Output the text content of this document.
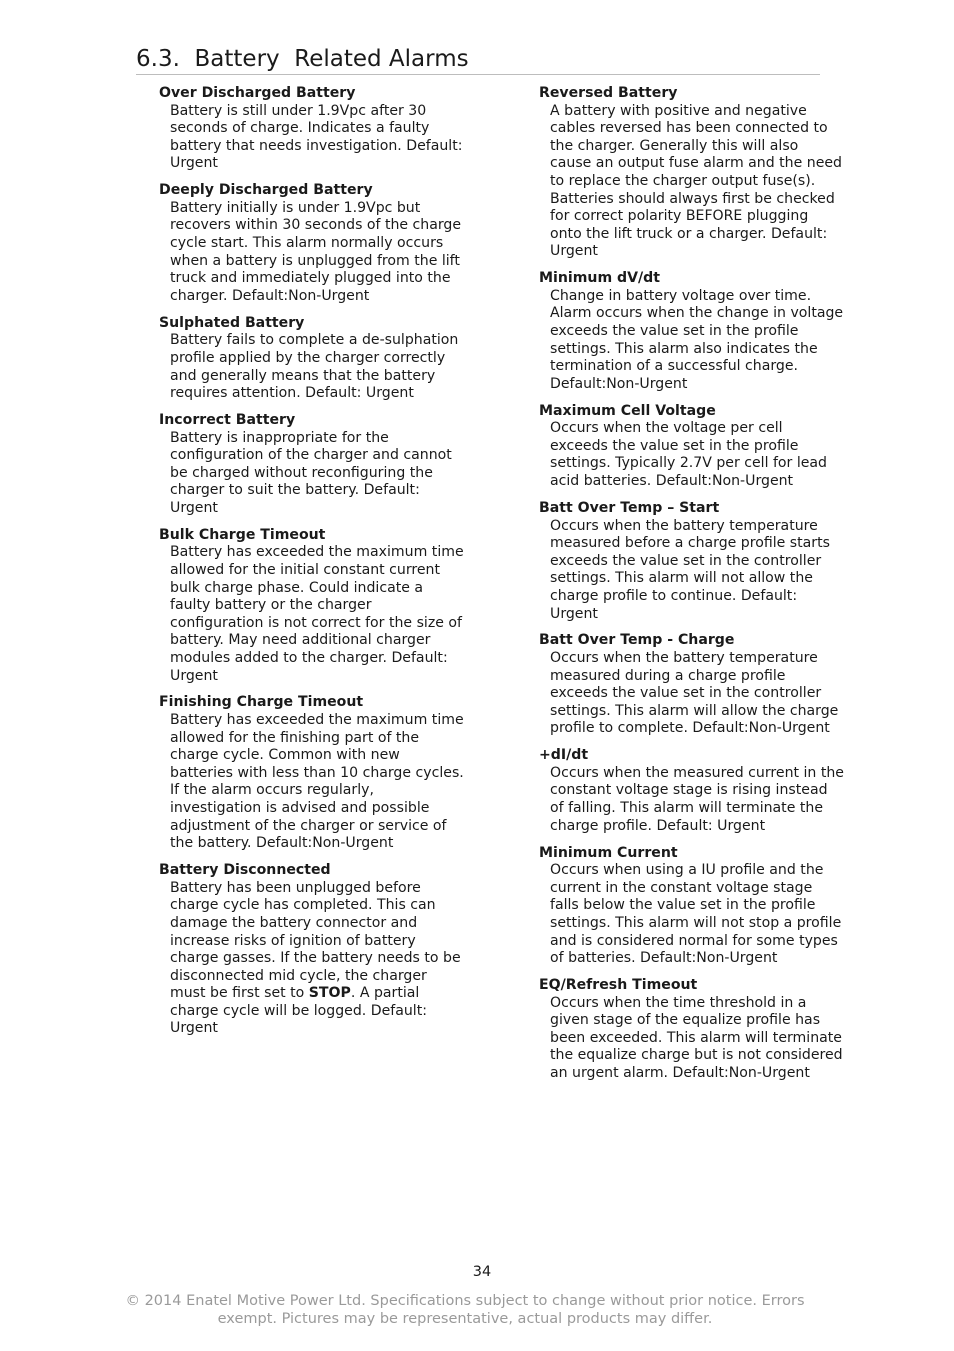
6.3. Battery  Related Alarms
Over Discharged Battery
Battery is still under 1.9Vpc after 30 seconds of charge. Indicates a faulty battery that needs investigation. Default: Urgent
Deeply Discharged Battery
Battery initially is under 1.9Vpc but recovers within 30 seconds of the charge cycle start. This alarm normally occurs when a battery is unplugged from the lift truck and immediately plugged into the charger. Default:Non-Urgent
Sulphated Battery
Battery fails to complete a de-sulphation profile applied by the charger correctly and generally means that the battery requires attention. Default: Urgent
Incorrect Battery
Battery is inappropriate for the configuration of the charger and cannot be charged without reconfiguring the charger to suit the battery. Default: Urgent
Bulk Charge Timeout
Battery has exceeded the maximum time allowed for the initial constant current bulk charge phase. Could indicate a faulty battery or the charger configuration is not correct for the size of battery. May need additional charger modules added to the charger. Default: Urgent
Finishing Charge Timeout
Battery has exceeded the maximum time allowed for the finishing part of the charge cycle. Common with new batteries with less than 10 charge cycles. If the alarm occurs regularly, investigation is advised and possible adjustment of the charger or service of the battery. Default:Non-Urgent
Battery Disconnected
Battery has been unplugged before charge cycle has completed. This can damage the battery connector and increase risks of ignition of battery charge gasses. If the battery needs to be disconnected mid cycle, the charger must be first set to STOP. A partial charge cycle will be logged. Default: Urgent
Reversed Battery
A battery with positive and negative cables reversed has been connected to the charger. Generally this will also cause an output fuse alarm and the need to replace the charger output fuse(s). Batteries should always first be checked for correct polarity BEFORE plugging onto the lift truck or a charger. Default: Urgent
Minimum dV/dt
Change in battery voltage over time. Alarm occurs when the change in voltage exceeds the value set in the profile settings. This alarm also indicates the termination of a successful charge. Default:Non-Urgent
Maximum Cell Voltage
Occurs when the voltage per cell exceeds the value set in the profile settings. Typically 2.7V per cell for lead acid batteries. Default:Non-Urgent
Batt Over Temp – Start
Occurs when the battery temperature measured before a charge profile starts exceeds the value set in the controller settings. This alarm will not allow the charge profile to continue. Default: Urgent
Batt Over Temp - Charge
Occurs when the battery temperature measured during a charge profile exceeds the value set in the controller settings. This alarm will allow the charge profile to complete. Default:Non-Urgent
+dI/dt
Occurs when the measured current in the constant voltage stage is rising instead of falling. This alarm will terminate the charge profile. Default: Urgent
Minimum Current
Occurs when using a IU profile and the current in the constant voltage stage falls below the value set in the profile settings. This alarm will not stop a profile and is considered normal for some types of batteries. Default:Non-Urgent
EQ/Refresh Timeout
Occurs when the time threshold in a given stage of the equalize profile has been exceeded. This alarm will terminate the equalize charge but is not considered an urgent alarm. Default:Non-Urgent
34
© 2014 Enatel Motive Power Ltd. Specifications subject to change without prior notice. Errors
exempt. Pictures may be representative, actual products may differ.
